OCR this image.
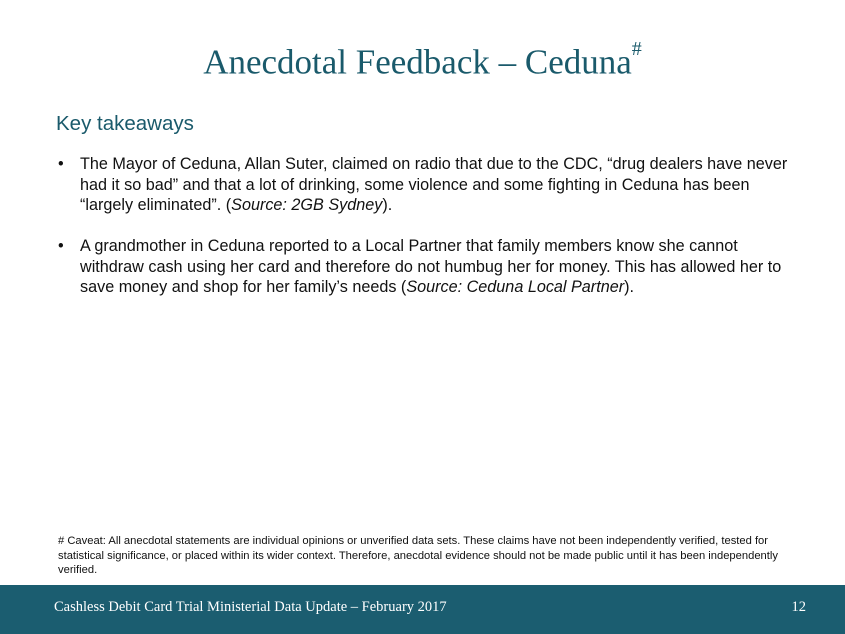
Anecdotal Feedback – Ceduna#
Key takeaways
• The Mayor of Ceduna, Allan Suter, claimed on radio that due to the CDC, “drug dealers have never had it so bad” and that a lot of drinking, some violence and some fighting in Ceduna has been “largely eliminated”. (Source: 2GB Sydney).
• A grandmother in Ceduna reported to a Local Partner that family members know she cannot withdraw cash using her card and therefore do not humbug her for money. This has allowed her to save money and shop for her family’s needs (Source: Ceduna Local Partner).
# Caveat: All anecdotal statements are individual opinions or unverified data sets. These claims have not been independently verified, tested for statistical significance, or placed within its wider context. Therefore, anecdotal evidence should not be made public until it has been independently verified.
Cashless Debit Card Trial Ministerial Data Update – February 2017	12
